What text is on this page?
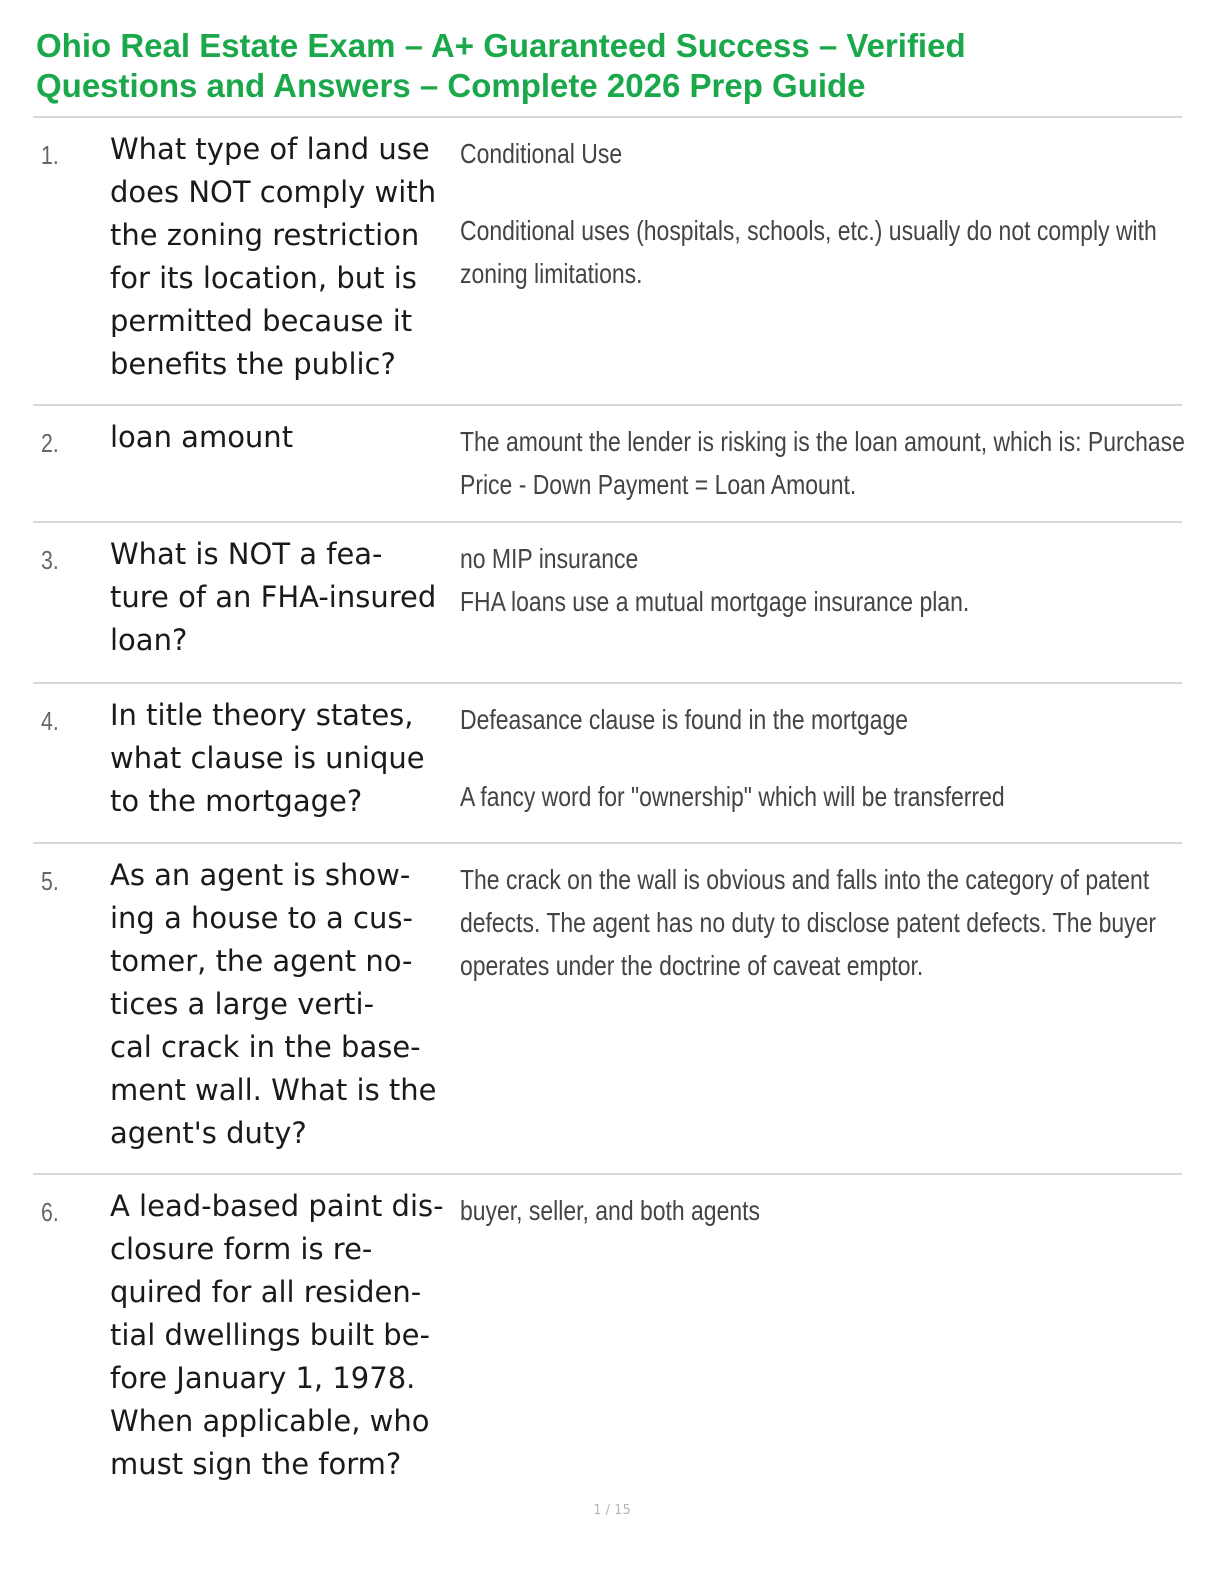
Ohio Real Estate Exam – A+ Guaranteed Success – Verified
Questions and Answers – Complete 2026 Prep Guide
1. What type of land use
does NOT comply with
the zoning restriction
for its location, but is
permitted because it
benefits the public?
Conditional Use
Conditional uses (hospitals, schools, etc.) usually do not comply with
zoning limitations.
2. loan amount	The amount the lender is risking is the loan amount, which is: Purchase
Price - Down Payment = Loan Amount.
3. What is NOT a fea-
ture of an FHA-insured
loan?
no MIP insurance
FHA loans use a mutual mortgage insurance plan.
4. In title theory states,
what clause is unique
to the mortgage?
Defeasance clause is found in the mortgage
A fancy word for "ownership" which will be transferred
5. As an agent is show-
ing a house to a cus-
tomer, the agent no-
tices a large verti-
cal crack in the base-
ment wall. What is the
agent's duty?
The crack on the wall is obvious and falls into the category of patent
defects. The agent has no duty to disclose patent defects. The buyer
operates under the doctrine of caveat emptor.
6. A lead-based paint dis-
closure form is re-
quired for all residen-
tial dwellings built be-
fore January 1, 1978.
When applicable, who
must sign the form?
buyer, seller, and both agents
1 / 15
